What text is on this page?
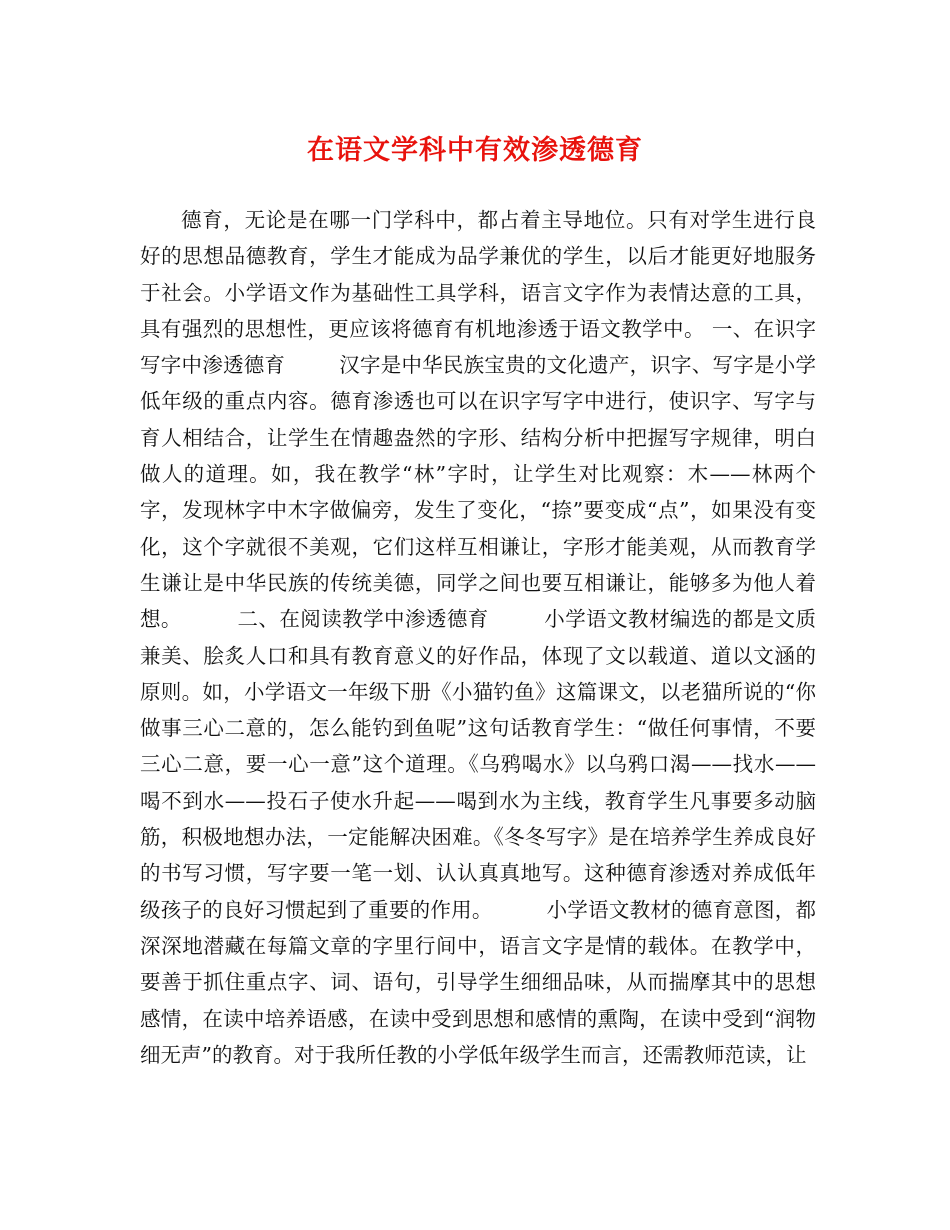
在语文学科中有效渗透德育
德育，无论是在哪一门学科中，都占着主导地位。只有对学生进行良好的思想品德教育，学生才能成为品学兼优的学生，以后才能更好地服务于社会。小学语文作为基础性工具学科，语言文字作为表情达意的工具，具有强烈的思想性，更应该将德育有机地渗透于语文教学中。 一、在识字写字中渗透德育        汉字是中华民族宝贵的文化遗产，识字、写字是小学低年级的重点内容。德育渗透也可以在识字写字中进行，使识字、写字与育人相结合，让学生在情趣盎然的字形、结构分析中把握写字规律，明白做人的道理。如，我在教学“林”字时，让学生对比观察：木——林两个字，发现林字中木字做偏旁，发生了变化，“捺”要变成“点”，如果没有变化，这个字就很不美观，它们这样互相谦让，字形才能美观，从而教育学生谦让是中华民族的传统美德，同学之间也要互相谦让，能够多为他人着想。        二、在阅读教学中渗透德育        小学语文教材编选的都是文质兼美、脍炙人口和具有教育意义的好作品，体现了文以载道、道以文涵的原则。如，小学语文一年级下册《小猫钓鱼》这篇课文，以老猫所说的“你做事三心二意的，怎么能钓到鱼呢”这句话教育学生：“做任何事情，不要三心二意，要一心一意”这个道理。《乌鸦喝水》以乌鸦口渴——找水——喝不到水——投石子使水升起——喝到水为主线，教育学生凡事要多动脑筋，积极地想办法，一定能解决困难。《冬冬写字》是在培养学生养成良好的书写习惯，写字要一笔一划、认认真真地写。这种德育渗透对养成低年级孩子的良好习惯起到了重要的作用。        小学语文教材的德育意图，都深深地潜藏在每篇文章的字里行间中，语言文字是情的载体。在教学中，要善于抓住重点字、词、语句，引导学生细细品味，从而揣摩其中的思想感情，在读中培养语感，在读中受到思想和感情的熏陶，在读中受到“润物细无声”的教育。对于我所任教的小学低年级学生而言，还需教师范读，让
